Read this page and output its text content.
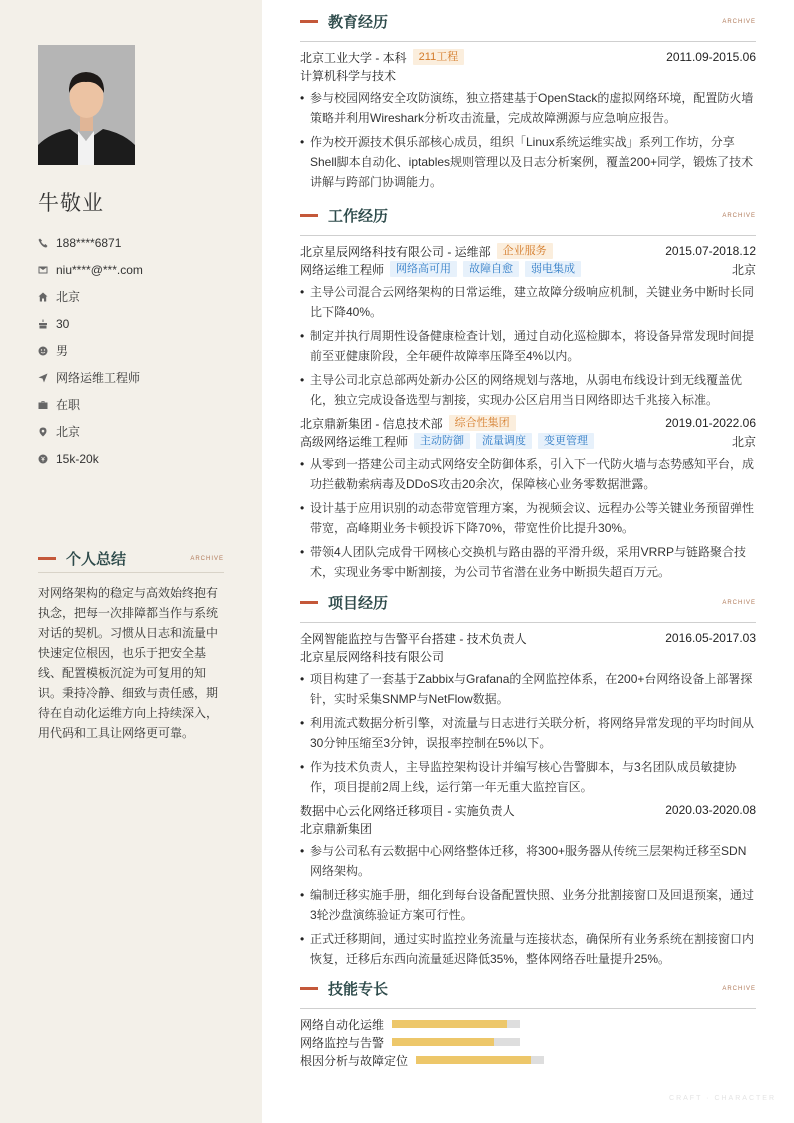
牛敬业
188****6871
niu****@***.com
北京
30
男
网络运维工程师
在职
北京
15k-20k
个人总结	ARCHIVE
对网络架构的稳定与高效始终抱有执念，把每一次排障都当作与系统对话的契机。习惯从日志和流量中快速定位根因，也乐于把安全基线、配置模板沉淀为可复用的知识。秉持冷静、细致与责任感，期待在自动化运维方向上持续深入，用代码和工具让网络更可靠。
教育经历	ARCHIVE
北京工业大学 - 本科	211工程	2011.09-2015.06
计算机科学与技术
• 参与校园网络安全攻防演练，独立搭建基于OpenStack的虚拟网络环境，配置防火墙策略并利用Wireshark分析攻击流量，完成故障溯源与应急响应报告。
• 作为校开源技术俱乐部核心成员，组织「Linux系统运维实战」系列工作坊，分享Shell脚本自动化、iptables规则管理以及日志分析案例，覆盖200+同学，锻炼了技术讲解与跨部门协调能力。
工作经历	ARCHIVE
北京星辰网络科技有限公司 - 运维部	企业服务	2015.07-2018.12
网络运维工程师	网络高可用	故障自愈	弱电集成	北京
• 主导公司混合云网络架构的日常运维，建立故障分级响应机制，关键业务中断时长同比下降40%。
• 制定并执行周期性设备健康检查计划，通过自动化巡检脚本，将设备异常发现时间提前至亚健康阶段，全年硬件故障率压降至4%以内。
• 主导公司北京总部两处新办公区的网络规划与落地，从弱电布线设计到无线覆盖优化，独立完成设备选型与割接，实现办公区启用当日网络即达千兆接入标准。
北京鼎新集团 - 信息技术部	综合性集团	2019.01-2022.06
高级网络运维工程师	主动防御	流量调度	变更管理	北京
• 从零到一搭建公司主动式网络安全防御体系，引入下一代防火墙与态势感知平台，成功拦截勒索病毒及DDoS攻击20余次，保障核心业务零数据泄露。
• 设计基于应用识别的动态带宽管理方案，为视频会议、远程办公等关键业务预留弹性带宽，高峰期业务卡顿投诉下降70%，带宽性价比提升30%。
• 带领4人团队完成骨干网核心交换机与路由器的平滑升级，采用VRRP与链路聚合技术，实现业务零中断割接，为公司节省潜在业务中断损失超百万元。
项目经历	ARCHIVE
全网智能监控与告警平台搭建 - 技术负责人	2016.05-2017.03
北京星辰网络科技有限公司
• 项目构建了一套基于Zabbix与Grafana的全网监控体系，在200+台网络设备上部署探针，实时采集SNMP与NetFlow数据。
• 利用流式数据分析引擎，对流量与日志进行关联分析，将网络异常发现的平均时间从30分钟压缩至3分钟，误报率控制在5%以下。
• 作为技术负责人，主导监控架构设计并编写核心告警脚本，与3名团队成员敏捷协作，项目提前2周上线，运行第一年无重大监控盲区。
数据中心云化网络迁移项目 - 实施负责人	2020.03-2020.08
北京鼎新集团
• 参与公司私有云数据中心网络整体迁移，将300+服务器从传统三层架构迁移至SDN网络架构。
• 编制迁移实施手册，细化到每台设备配置快照、业务分批割接窗口及回退预案，通过3轮沙盘演练验证方案可行性。
• 正式迁移期间，通过实时监控业务流量与连接状态，确保所有业务系统在割接窗口内恢复，迁移后东西向流量延迟降低35%，整体网络吞吐量提升25%。
技能专长	ARCHIVE
网络自动化运维
网络监控与告警
根因分析与故障定位
CRAFT · CHARACTER
